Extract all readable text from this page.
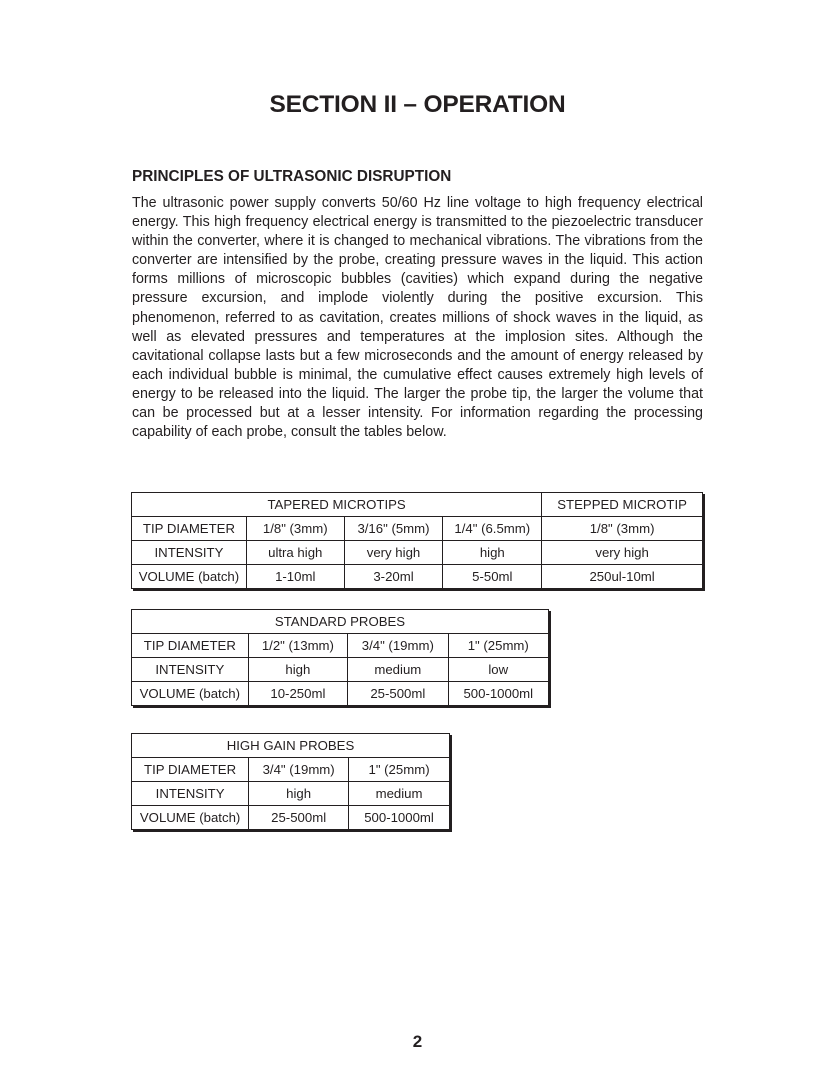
SECTION II – OPERATION
PRINCIPLES OF ULTRASONIC DISRUPTION

The ultrasonic power supply converts 50/60 Hz line voltage to high frequency electrical energy. This high frequency electrical energy is transmitted to the piezoelectric transducer within the converter, where it is changed to mechanical vibrations. The vibrations from the converter are intensified by the probe, creating pressure waves in the liquid. This action forms millions of microscopic bubbles (cavities) which expand during the negative pressure excursion, and implode violently during the positive excursion. This phenomenon, referred to as cavitation, creates millions of shock waves in the liquid, as well as elevated pressures and temperatures at the implosion sites. Although the cavitational collapse lasts but a few microseconds and the amount of energy released by each individual bubble is minimal, the cumulative effect causes extremely high levels of energy to be released into the liquid. The larger the probe tip, the larger the volume that can be processed but at a lesser intensity. For information regarding the processing capability of each probe, consult the tables below.

TAPERED MICROTIPS				STEPPED MICROTIP
TIP DIAMETER	1/8" (3mm)	3/16" (5mm)	1/4" (6.5mm)	1/8" (3mm)
INTENSITY	ultra high	very high	high	very high
VOLUME (batch)	1-10ml	3-20ml	5-50ml	250ul-10ml
STANDARD PROBES			
TIP DIAMETER	1/2" (13mm)	3/4" (19mm)	1" (25mm)
INTENSITY	high	medium	low
VOLUME (batch)	10-250ml	25-500ml	500-1000ml
HIGH GAIN PROBES		
TIP DIAMETER	3/4" (19mm)	1" (25mm)
INTENSITY	high	medium
VOLUME (batch)	25-500ml	500-1000ml
2
